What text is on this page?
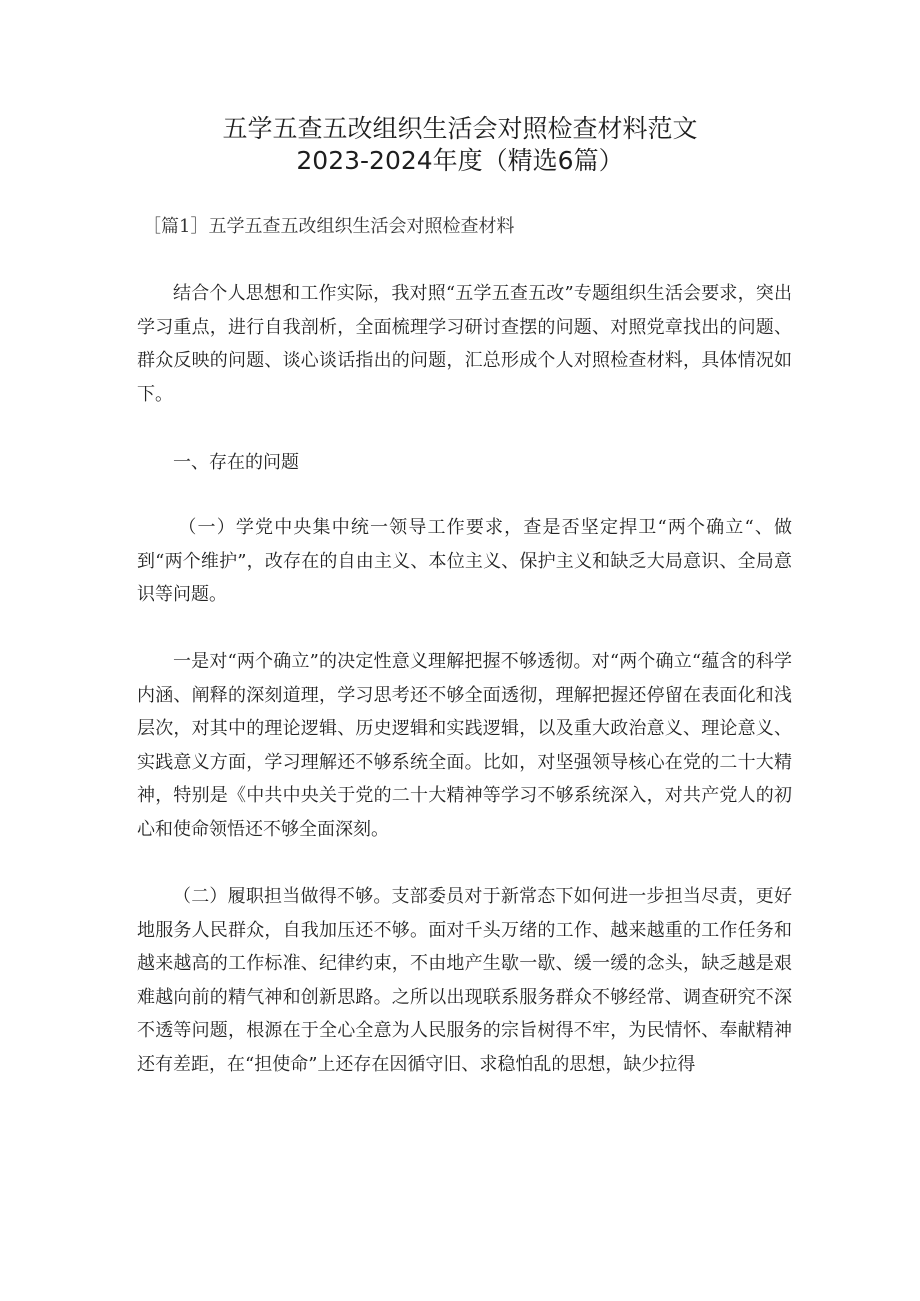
五学五查五改组织生活会对照检查材料范文
2023-2024年度（精选6篇）
［篇1］五学五查五改组织生活会对照检查材料

结合个人思想和工作实际，我对照“五学五查五改”专题组织生活会要求，突出学习重点，进行自我剖析，全面梳理学习研讨查摆的问题、对照党章找出的问题、群众反映的问题、谈心谈话指出的问题，汇总形成个人对照检查材料，具体情况如下。

一、存在的问题

（一）学党中央集中统一领导工作要求，查是否坚定捍卫“两个确立“、做到“两个维护”，改存在的自由主义、本位主义、保护主义和缺乏大局意识、全局意识等问题。

一是对“两个确立”的决定性意义理解把握不够透彻。对“两个确立“蕴含的科学内涵、阐释的深刻道理，学习思考还不够全面透彻，理解把握还停留在表面化和浅层次，对其中的理论逻辑、历史逻辑和实践逻辑，以及重大政治意义、理论意义、实践意义方面，学习理解还不够系统全面。比如，对坚强领导核心在党的二十大精神，特别是《中共中央关于党的二十大精神等学习不够系统深入，对共产党人的初心和使命领悟还不够全面深刻。

（二）履职担当做得不够。支部委员对于新常态下如何进一步担当尽责，更好地服务人民群众，自我加压还不够。面对千头万绪的工作、越来越重的工作任务和越来越高的工作标准、纪律约束，不由地产生歇一歇、缓一缓的念头，缺乏越是艰难越向前的精气神和创新思路。之所以出现联系服务群众不够经常、调查研究不深不透等问题，根源在于全心全意为人民服务的宗旨树得不牢，为民情怀、奉献精神还有差距，在“担使命”上还存在因循守旧、求稳怕乱的思想，缺少拉得
